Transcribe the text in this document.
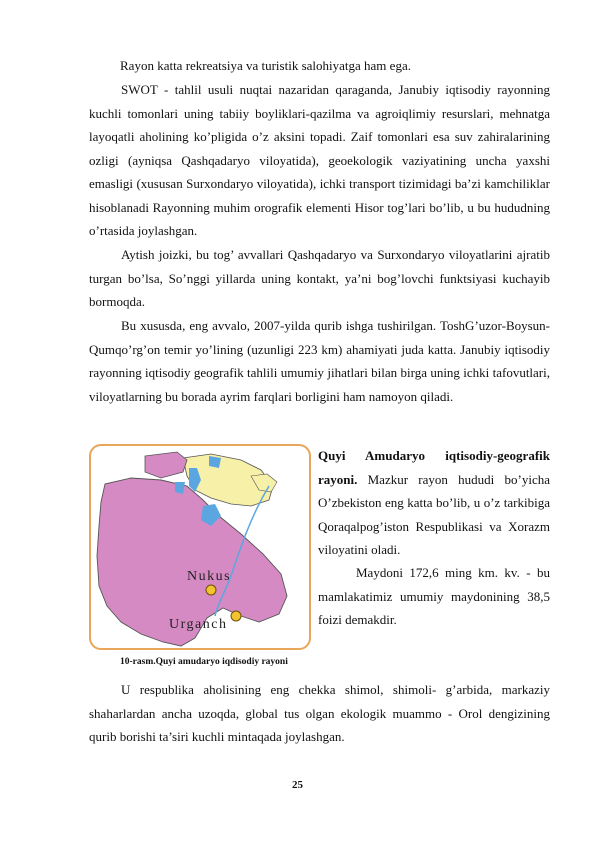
Rayon katta rekreatsiya va turistik salohiyatga ham ega.

SWOT - tahlil usuli nuqtai nazaridan qaraganda, Janubiy iqtisodiy rayonning kuchli tomonlari uning tabiiy boyliklari-qazilma va agroiqlimiy resurslari, mehnatga layoqatli aholining ko’pligida o’z aksini topadi. Zaif tomonlari esa suv zahiralarining ozligi (ayniqsa Qashqadaryo viloyatida), geoekologik vaziyatining uncha yaxshi emasligi (xususan Surxondaryo viloyatida), ichki transport tizimidagi ba’zi kamchiliklar hisoblanadi Rayonning muhim orografik elementi Hisor tog’lari bo’lib, u bu hududning o’rtasida joylashgan.

Aytish joizki, bu tog’ avvallari Qashqadaryo va Surxondaryo viloyatlarini ajratib turgan bo’lsa, So’nggi yillarda uning kontakt, ya’ni bog’lovchi funktsiyasi kuchayib bormoqda.

Bu xususda, eng avvalo, 2007-yilda qurib ishga tushirilgan. ToshG’uzor-Boysun-Qumqo’rg’on temir yo’lining (uzunligi 223 km) ahamiyati juda katta. Janubiy iqtisodiy rayonning iqtisodiy geografik tahlili umumiy jihatlari bilan birga uning ichki tafovutlari, viloyatlarning bu borada ayrim farqlari borligini ham namoyon qiladi.

Nukus
Urganch

Quyi Amudaryo iqtisodiy-geografik rayoni. Mazkur rayon hududi bo’yicha O’zbekiston eng katta bo’lib, u o’z tarkibiga Qoraqalpog’iston Respublikasi va Xorazm viloyatini oladi.

Maydoni 172,6 ming km. kv. - bu mamlakatimiz umumiy maydonining 38,5 foizi demakdir.

10-rasm.Quyi amudaryo iqdisodiy rayoni

U respublika aholisining eng chekka shimol, shimoli- g’arbida, markaziy shaharlardan ancha uzoqda, global tus olgan ekologik muammo - Orol dengizining qurib borishi ta’siri kuchli mintaqada joylashgan.

25
